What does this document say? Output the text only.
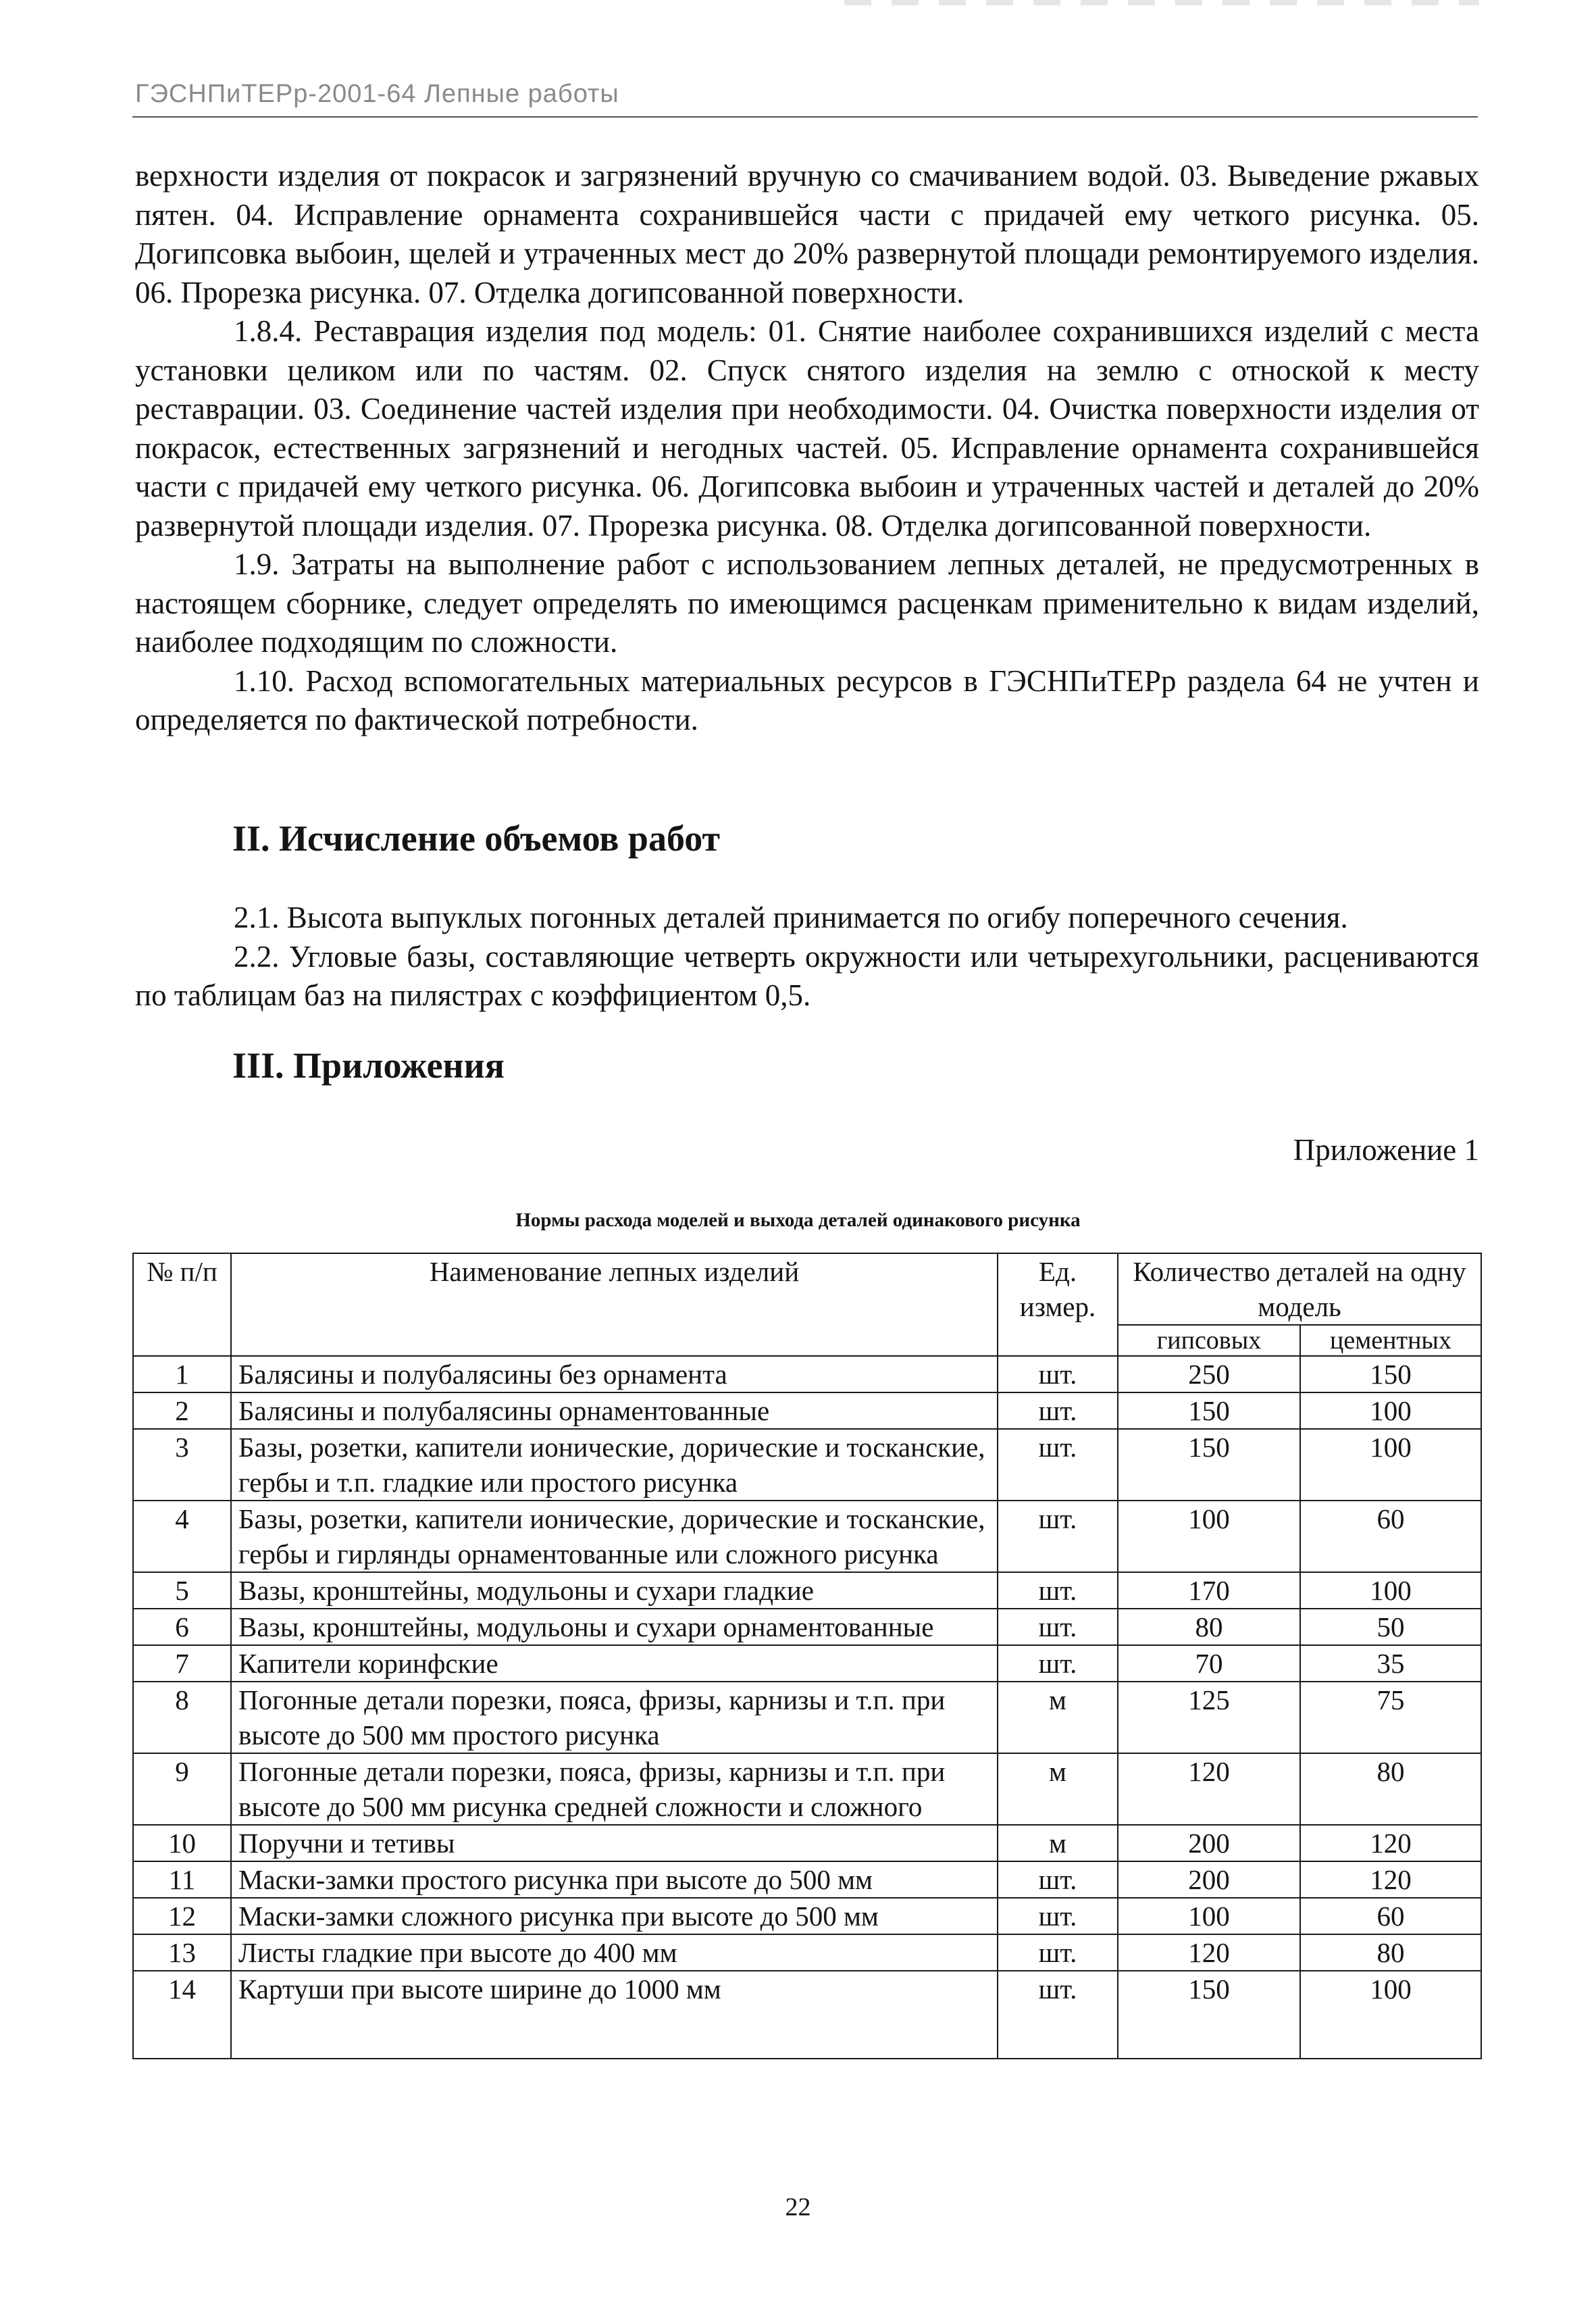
ГЭСНПиТЕРр-2001-64 Лепные работы

верхности изделия от покрасок и загрязнений вручную со смачиванием водой. 03. Выведение ржавых пятен. 04. Исправление орнамента сохранившейся части с придачей ему четкого рисунка. 05. Догипсовка выбоин, щелей и утраченных мест до 20% развернутой площади ремонтируемого изделия. 06. Прорезка рисунка. 07. Отделка догипсованной поверхности.

1.8.4. Реставрация изделия под модель: 01. Снятие наиболее сохранившихся изделий с места установки целиком или по частям. 02. Спуск снятого изделия на землю с отноской к месту реставрации. 03. Соединение частей изделия при необходимости. 04. Очистка поверхности изделия от покрасок, естественных загрязнений и негодных частей. 05. Исправление орнамента сохранившейся части с придачей ему четкого рисунка. 06. Догипсовка выбоин и утраченных частей и деталей до 20% развернутой площади изделия. 07. Прорезка рисунка. 08. Отделка догипсованной поверхности.

1.9. Затраты на выполнение работ с использованием лепных деталей, не предусмотренных в настоящем сборнике, следует определять по имеющимся расценкам применительно к видам изделий, наиболее подходящим по сложности.

1.10. Расход вспомогательных материальных ресурсов в ГЭСНПиТЕРр раздела 64 не учтен и определяется по фактической потребности.

II. Исчисление объемов работ

2.1. Высота выпуклых погонных деталей принимается по огибу поперечного сечения.

2.2. Угловые базы, составляющие четверть окружности или четырехугольники, расцениваются по таблицам баз на пилястрах с коэффициентом 0,5.

III. Приложения
Приложение 1
Нормы расхода моделей и выхода деталей одинакового рисунка
№ п/п	Наименование лепных изделий	Ед. измер.	Количество деталей на одну модель	
			гипсовых	цементных
1	Балясины и полубалясины без орнамента	шт.	250	150
2	Балясины и полубалясины орнаментованные	шт.	150	100
3	Базы, розетки, капители ионические, дорические и тосканские, гербы и т.п. гладкие или простого рисунка	шт.	150	100
4	Базы, розетки, капители ионические, дорические и тосканские, гербы и гирлянды орнаментованные или сложного рисунка	шт.	100	60
5	Вазы, кронштейны, модульоны и сухари гладкие	шт.	170	100
6	Вазы, кронштейны, модульоны и сухари орнаментованные	шт.	80	50
7	Капители коринфские	шт.	70	35
8	Погонные детали порезки, пояса, фризы, карнизы и т.п. при высоте до 500 мм простого рисунка	м	125	75
9	Погонные детали порезки, пояса, фризы, карнизы и т.п. при высоте до 500 мм рисунка средней сложности и сложного	м	120	80
10	Поручни и тетивы	м	200	120
11	Маски-замки простого рисунка при высоте до 500 мм	шт.	200	120
12	Маски-замки сложного рисунка при высоте до 500 мм	шт.	100	60
13	Листы гладкие при высоте до 400 мм	шт.	120	80
14	Картуши при высоте ширине до 1000 мм	шт.	150	100
22
